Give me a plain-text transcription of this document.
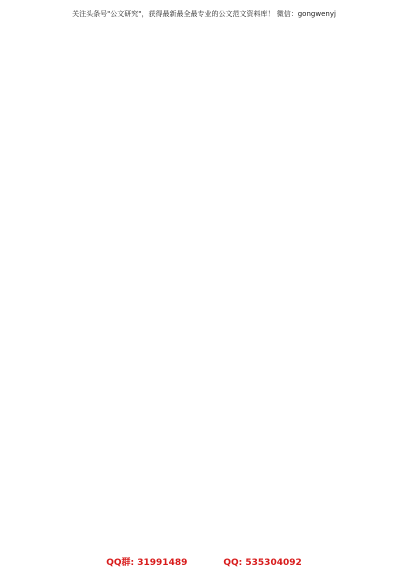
关注头条号"公文研究"，获得最新最全最专业的公文范文资料库！ 微信：gongwenyj

QQ群: 31991489	QQ: 535304092
